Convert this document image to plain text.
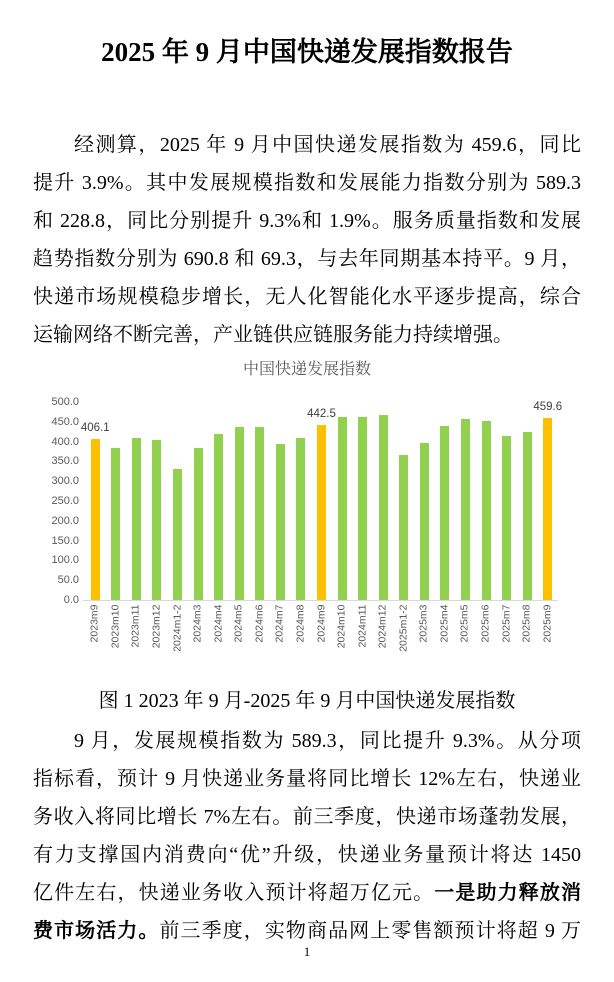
2025 年 9 月中国快递发展指数报告
经测算，2025 年 9 月中国快递发展指数为 459.6，同比
提升 3.9%。其中发展规模指数和发展能力指数分别为 589.3
和 228.8，同比分别提升 9.3%和 1.9%。服务质量指数和发展
趋势指数分别为 690.8 和 69.3，与去年同期基本持平。9 月，
快递市场规模稳步增长，无人化智能化水平逐步提高，综合
运输网络不断完善，产业链供应链服务能力持续增强。
中国快递发展指数
0.0
50.0
100.0
150.0
200.0
250.0
300.0
350.0
400.0
450.0
500.0
406.1
2023m9 2023m10 2023m11 2023m12 2024m1-2 2024m3 2024m4 2024m5 2024m6 2024m7 2024m8
442.5
2024m9 2024m10 2024m11 2024m12 2025m1-2 2025m3 2025m4 2025m5 2025m6 2025m7 2025m8
459.6
2025m9
图 1 2023 年 9 月-2025 年 9 月中国快递发展指数
9 月，发展规模指数为 589.3，同比提升 9.3%。从分项
指标看，预计 9 月快递业务量将同比增长 12%左右，快递业
务收入将同比增长 7%左右。前三季度，快递市场蓬勃发展，
有力支撑国内消费向“优”升级，快递业务量预计将达 1450
亿件左右，快递业务收入预计将超万亿元。一是助力释放消
费市场活力。前三季度，实物商品网上零售额预计将超 9 万
1
